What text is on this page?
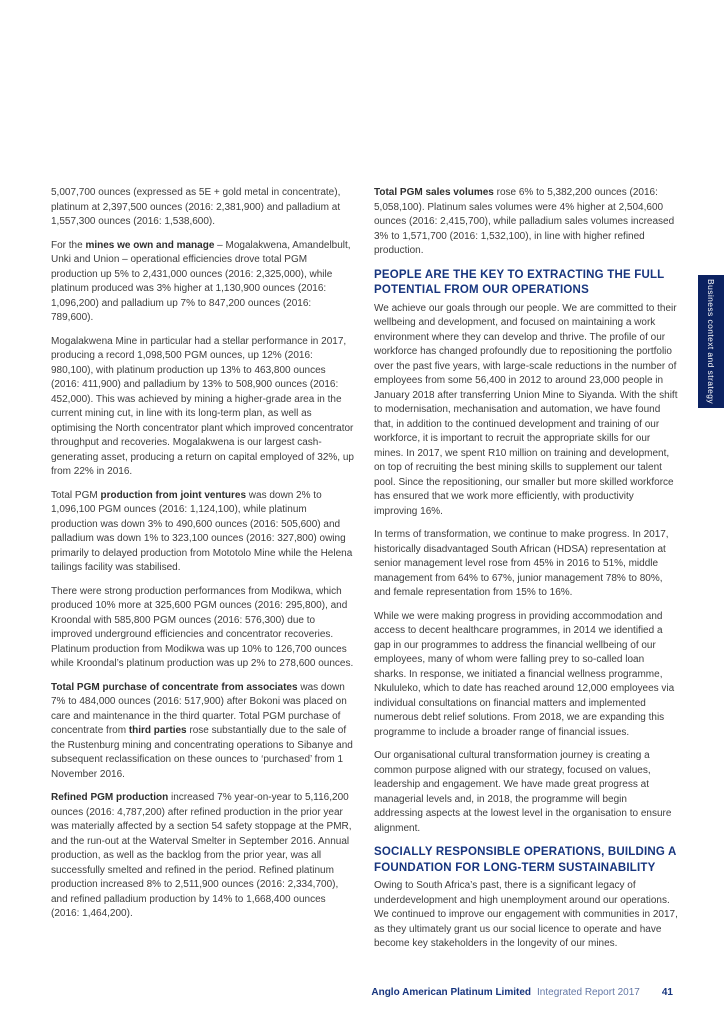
5,007,700 ounces (expressed as 5E + gold metal in concentrate), platinum at 2,397,500 ounces (2016: 2,381,900) and palladium at 1,557,300 ounces (2016: 1,538,600).

For the mines we own and manage – Mogalakwena, Amandelbult, Unki and Union – operational efficiencies drove total PGM production up 5% to 2,431,000 ounces (2016: 2,325,000), while platinum produced was 3% higher at 1,130,900 ounces (2016: 1,096,200) and palladium up 7% to 847,200 ounces (2016: 789,600).

Mogalakwena Mine in particular had a stellar performance in 2017, producing a record 1,098,500 PGM ounces, up 12% (2016: 980,100), with platinum production up 13% to 463,800 ounces (2016: 411,900) and palladium by 13% to 508,900 ounces (2016: 452,000). This was achieved by mining a higher-grade area in the current mining cut, in line with its long-term plan, as well as optimising the North concentrator plant which improved concentrator throughput and recoveries. Mogalakwena is our largest cash-generating asset, producing a return on capital employed of 32%, up from 22% in 2016.

Total PGM production from joint ventures was down 2% to 1,096,100 PGM ounces (2016: 1,124,100), while platinum production was down 3% to 490,600 ounces (2016: 505,600) and palladium was down 1% to 323,100 ounces (2016: 327,800) owing primarily to delayed production from Mototolo Mine while the Helena tailings facility was stabilised.

There were strong production performances from Modikwa, which produced 10% more at 325,600 PGM ounces (2016: 295,800), and Kroondal with 585,800 PGM ounces (2016: 576,300) due to improved underground efficiencies and concentrator recoveries. Platinum production from Modikwa was up 10% to 126,700 ounces while Kroondal’s platinum production was up 2% to 278,600 ounces.

Total PGM purchase of concentrate from associates was down 7% to 484,000 ounces (2016: 517,900) after Bokoni was placed on care and maintenance in the third quarter. Total PGM purchase of concentrate from third parties rose substantially due to the sale of the Rustenburg mining and concentrating operations to Sibanye and subsequent reclassification on these ounces to ‘purchased’ from 1 November 2016.

Refined PGM production increased 7% year-on-year to 5,116,200 ounces (2016: 4,787,200) after refined production in the prior year was materially affected by a section 54 safety stoppage at the PMR, and the run-out at the Waterval Smelter in September 2016. Annual production, as well as the backlog from the prior year, was all successfully smelted and refined in the period. Refined platinum production increased 8% to 2,511,900 ounces (2016: 2,334,700), and refined palladium production by 14% to 1,668,400 ounces (2016: 1,464,200).

Total PGM sales volumes rose 6% to 5,382,200 ounces (2016: 5,058,100). Platinum sales volumes were 4% higher at 2,504,600 ounces (2016: 2,415,700), while palladium sales volumes increased 3% to 1,571,700 (2016: 1,532,100), in line with higher refined production.

PEOPLE ARE THE KEY TO EXTRACTING THE FULL POTENTIAL FROM OUR OPERATIONS

We achieve our goals through our people. We are committed to their wellbeing and development, and focused on maintaining a work environment where they can develop and thrive. The profile of our workforce has changed profoundly due to repositioning the portfolio over the past five years, with large-scale reductions in the number of employees from some 56,400 in 2012 to around 23,000 people in January 2018 after transferring Union Mine to Siyanda. With the shift to modernisation, mechanisation and automation, we have found that, in addition to the continued development and training of our workforce, it is important to recruit the appropriate skills for our mines. In 2017, we spent R10 million on training and development, on top of recruiting the best mining skills to supplement our talent pool. Since the repositioning, our smaller but more skilled workforce has ensured that we work more efficiently, with productivity improving 16%.

In terms of transformation, we continue to make progress. In 2017, historically disadvantaged South African (HDSA) representation at senior management level rose from 45% in 2016 to 51%, middle management from 64% to 67%, junior management 78% to 80%, and female representation from 15% to 16%.

While we were making progress in providing accommodation and access to decent healthcare programmes, in 2014 we identified a gap in our programmes to address the financial wellbeing of our employees, many of whom were falling prey to so-called loan sharks. In response, we initiated a financial wellness programme, Nkululeko, which to date has reached around 12,000 employees via individual consultations on financial matters and implemented numerous debt relief solutions. From 2018, we are expanding this programme to include a broader range of financial issues.

Our organisational cultural transformation journey is creating a common purpose aligned with our strategy, focused on values, leadership and engagement. We have made great progress at managerial levels and, in 2018, the programme will begin addressing aspects at the lowest level in the organisation to ensure alignment.

SOCIALLY RESPONSIBLE OPERATIONS, BUILDING A FOUNDATION FOR LONG-TERM SUSTAINABILITY

Owing to South Africa’s past, there is a significant legacy of underdevelopment and high unemployment around our operations. We continued to improve our engagement with communities in 2017, as they ultimately grant us our social licence to operate and have become key stakeholders in the longevity of our mines.

Business context and strategy
Anglo American Platinum Limited Integrated Report 2017 41
